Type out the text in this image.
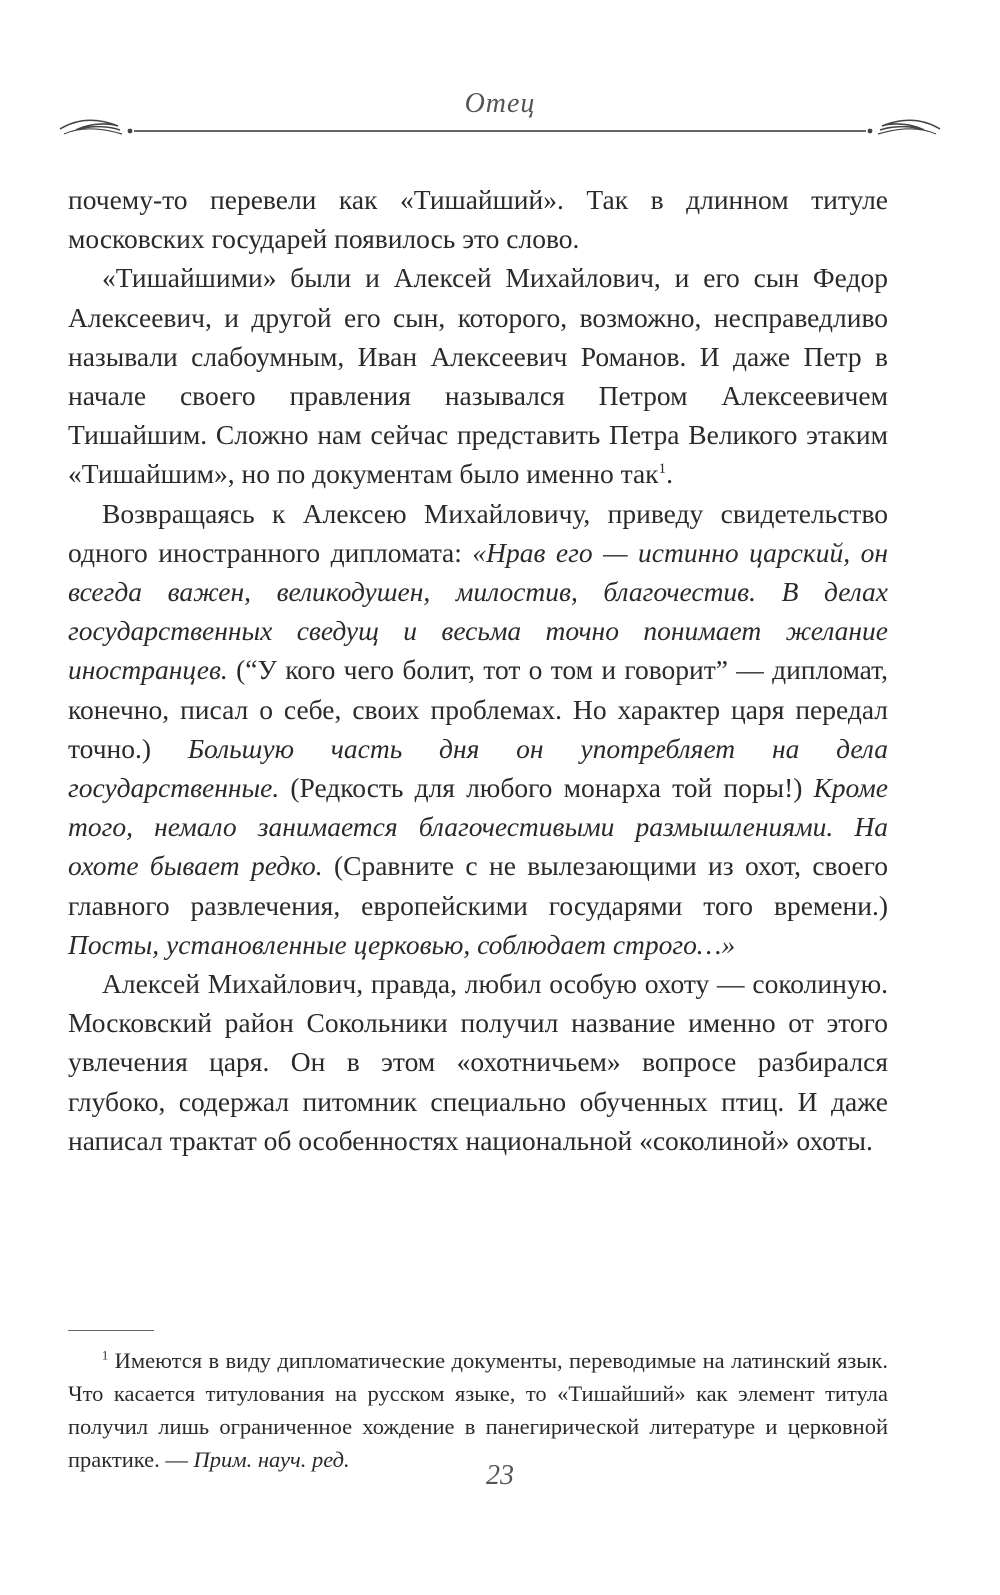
Отец

почему-то перевели как «Тишайший». Так в длинном титуле московских государей появилось это слово.

«Тишайшими» были и Алексей Михайлович, и его сын Федор Алексеевич, и другой его сын, которого, возможно, несправедливо называли слабоумным, Иван Алексеевич Романов. И даже Петр в начале своего правления назывался Петром Алексеевичем Тишайшим. Сложно нам сейчас представить Петра Великого этаким «Тишайшим», но по документам было именно так$^1$.

Возвращаясь к Алексею Михайловичу, приведу свидетельство одного иностранного дипломата: «Нрав его — истинно царский, он всегда важен, великодушен, милостив, благочестив. В делах государственных сведущ и весьма точно понимает желание иностранцев. (“У кого чего болит, тот о том и говорит” — дипломат, конечно, писал о себе, своих проблемах. Но характер царя передал точно.) Большую часть дня он употребляет на дела государственные. (Редкость для любого монарха той поры!) Кроме того, немало занимается благочестивыми размышлениями. На охоте бывает редко. (Сравните с не вылезающими из охот, своего главного развлечения, европейскими государями того времени.) Посты, установленные церковью, соблюдает строго…»

Алексей Михайлович, правда, любил особую охоту — соколиную. Московский район Сокольники получил название именно от этого увлечения царя. Он в этом «охотничьем» вопросе разбирался глубоко, содержал питомник специально обученных птиц. И даже написал трактат об особенностях национальной «соколиной» охоты.

$^1$ Имеются в виду дипломатические документы, переводимые на латинский язык. Что касается титулования на русском языке, то «Тишайший» как элемент титула получил лишь ограниченное хождение в панегирической литературе и церковной практике. — Прим. науч. ред.

23
